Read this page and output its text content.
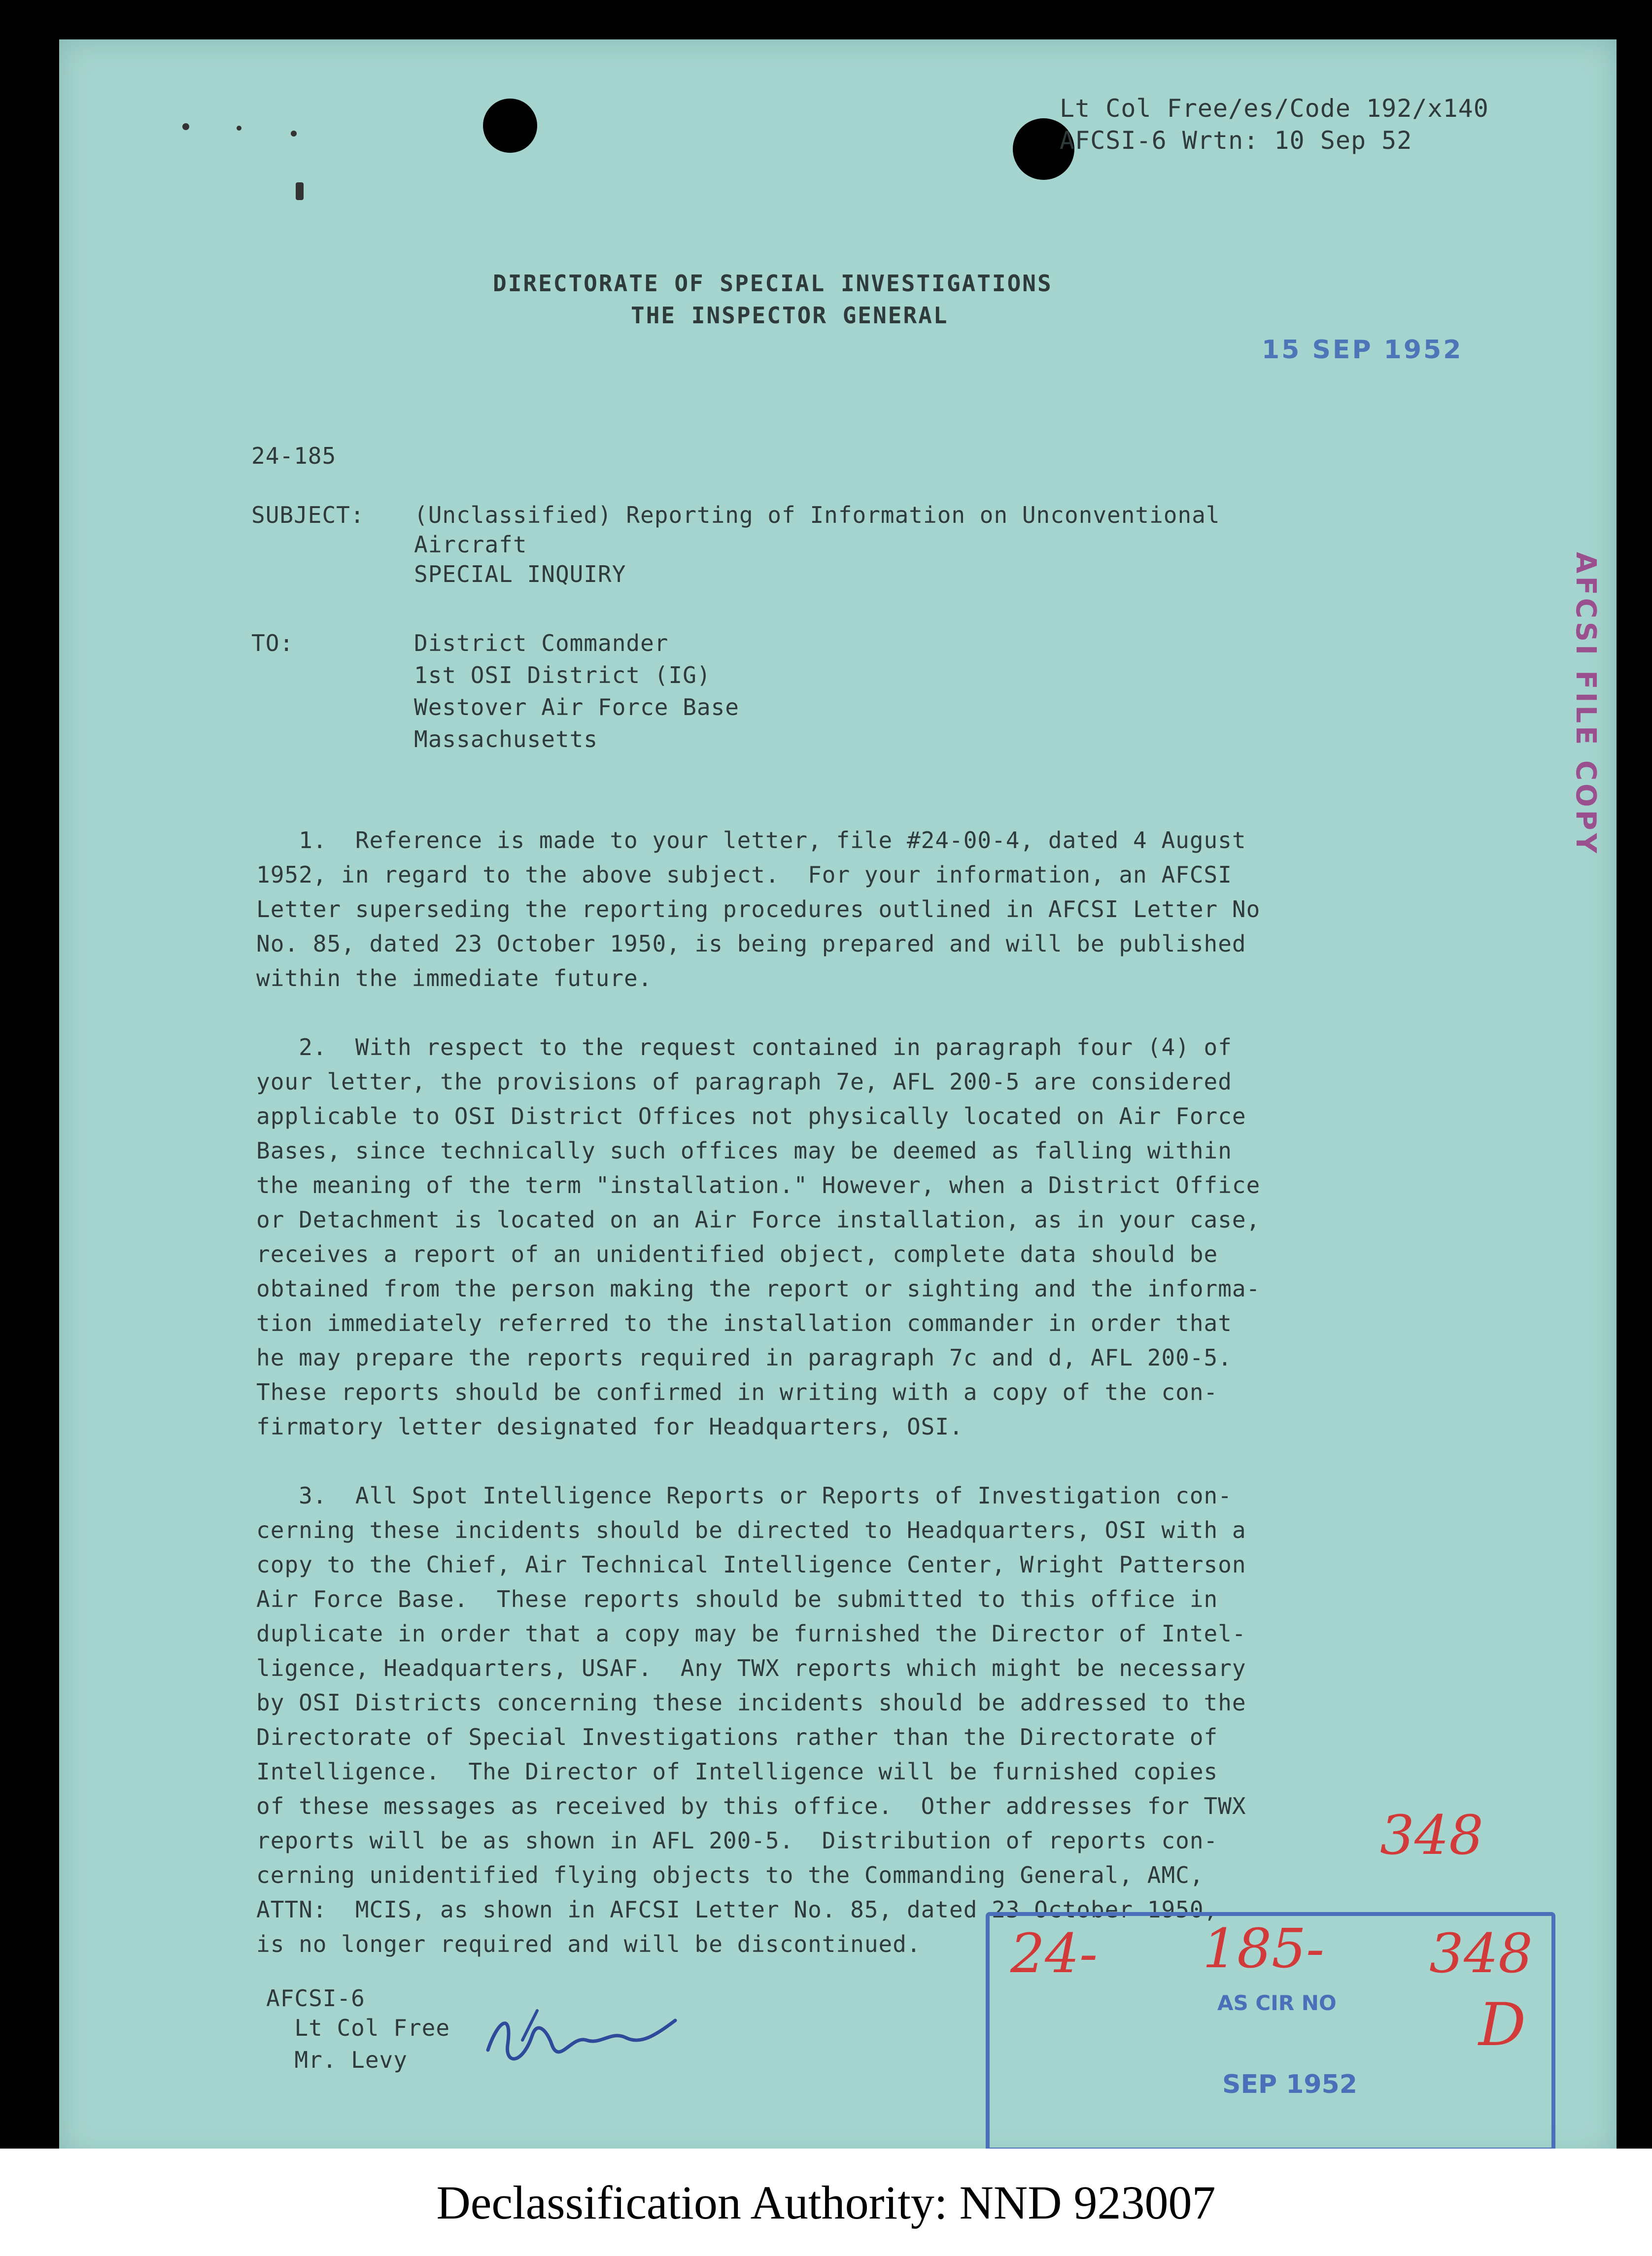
Lt Col Free/es/Code 192/x140
AFCSI-6 Wrtn: 10 Sep 52
DIRECTORATE OF SPECIAL INVESTIGATIONS
THE INSPECTOR GENERAL
15 SEP 1952
AFCSI FILE COPY
24-185
SUBJECT: (Unclassified) Reporting of Information on Unconventional
Aircraft
SPECIAL INQUIRY
TO:	District Commander
1st OSI District (IG)
Westover Air Force Base
Massachusetts
1.  Reference is made to your letter, file #24-00-4, dated 4 August
1952, in regard to the above subject.  For your information, an AFCSI
Letter superseding the reporting procedures outlined in AFCSI Letter No
No. 85, dated 23 October 1950, is being prepared and will be published
within the immediate future.
2.  With respect to the request contained in paragraph four (4) of
your letter, the provisions of paragraph 7e, AFL 200-5 are considered
applicable to OSI District Offices not physically located on Air Force
Bases, since technically such offices may be deemed as falling within
the meaning of the term "installation." However, when a District Office
or Detachment is located on an Air Force installation, as in your case,
receives a report of an unidentified object, complete data should be
obtained from the person making the report or sighting and the informa-
tion immediately referred to the installation commander in order that
he may prepare the reports required in paragraph 7c and d, AFL 200-5.
These reports should be confirmed in writing with a copy of the con-
firmatory letter designated for Headquarters, OSI.
3.  All Spot Intelligence Reports or Reports of Investigation con-
cerning these incidents should be directed to Headquarters, OSI with a
copy to the Chief, Air Technical Intelligence Center, Wright Patterson
Air Force Base.  These reports should be submitted to this office in
duplicate in order that a copy may be furnished the Director of Intel-
ligence, Headquarters, USAF.  Any TWX reports which might be necessary
by OSI Districts concerning these incidents should be addressed to the
Directorate of Special Investigations rather than the Directorate of
Intelligence.  The Director of Intelligence will be furnished copies
of these messages as received by this office.  Other addresses for TWX
reports will be as shown in AFL 200-5.  Distribution of reports con-
cerning unidentified flying objects to the Commanding General, AMC,
ATTN:  MCIS, as shown in AFCSI Letter No. 85, dated 23 October 1950,
is no longer required and will be discontinued.
348
AS CIR NO
SEP 1952
24- 185- 348
D
AFCSI-6
Lt Col Free
Mr. Levy
Declassification Authority: NND 923007
